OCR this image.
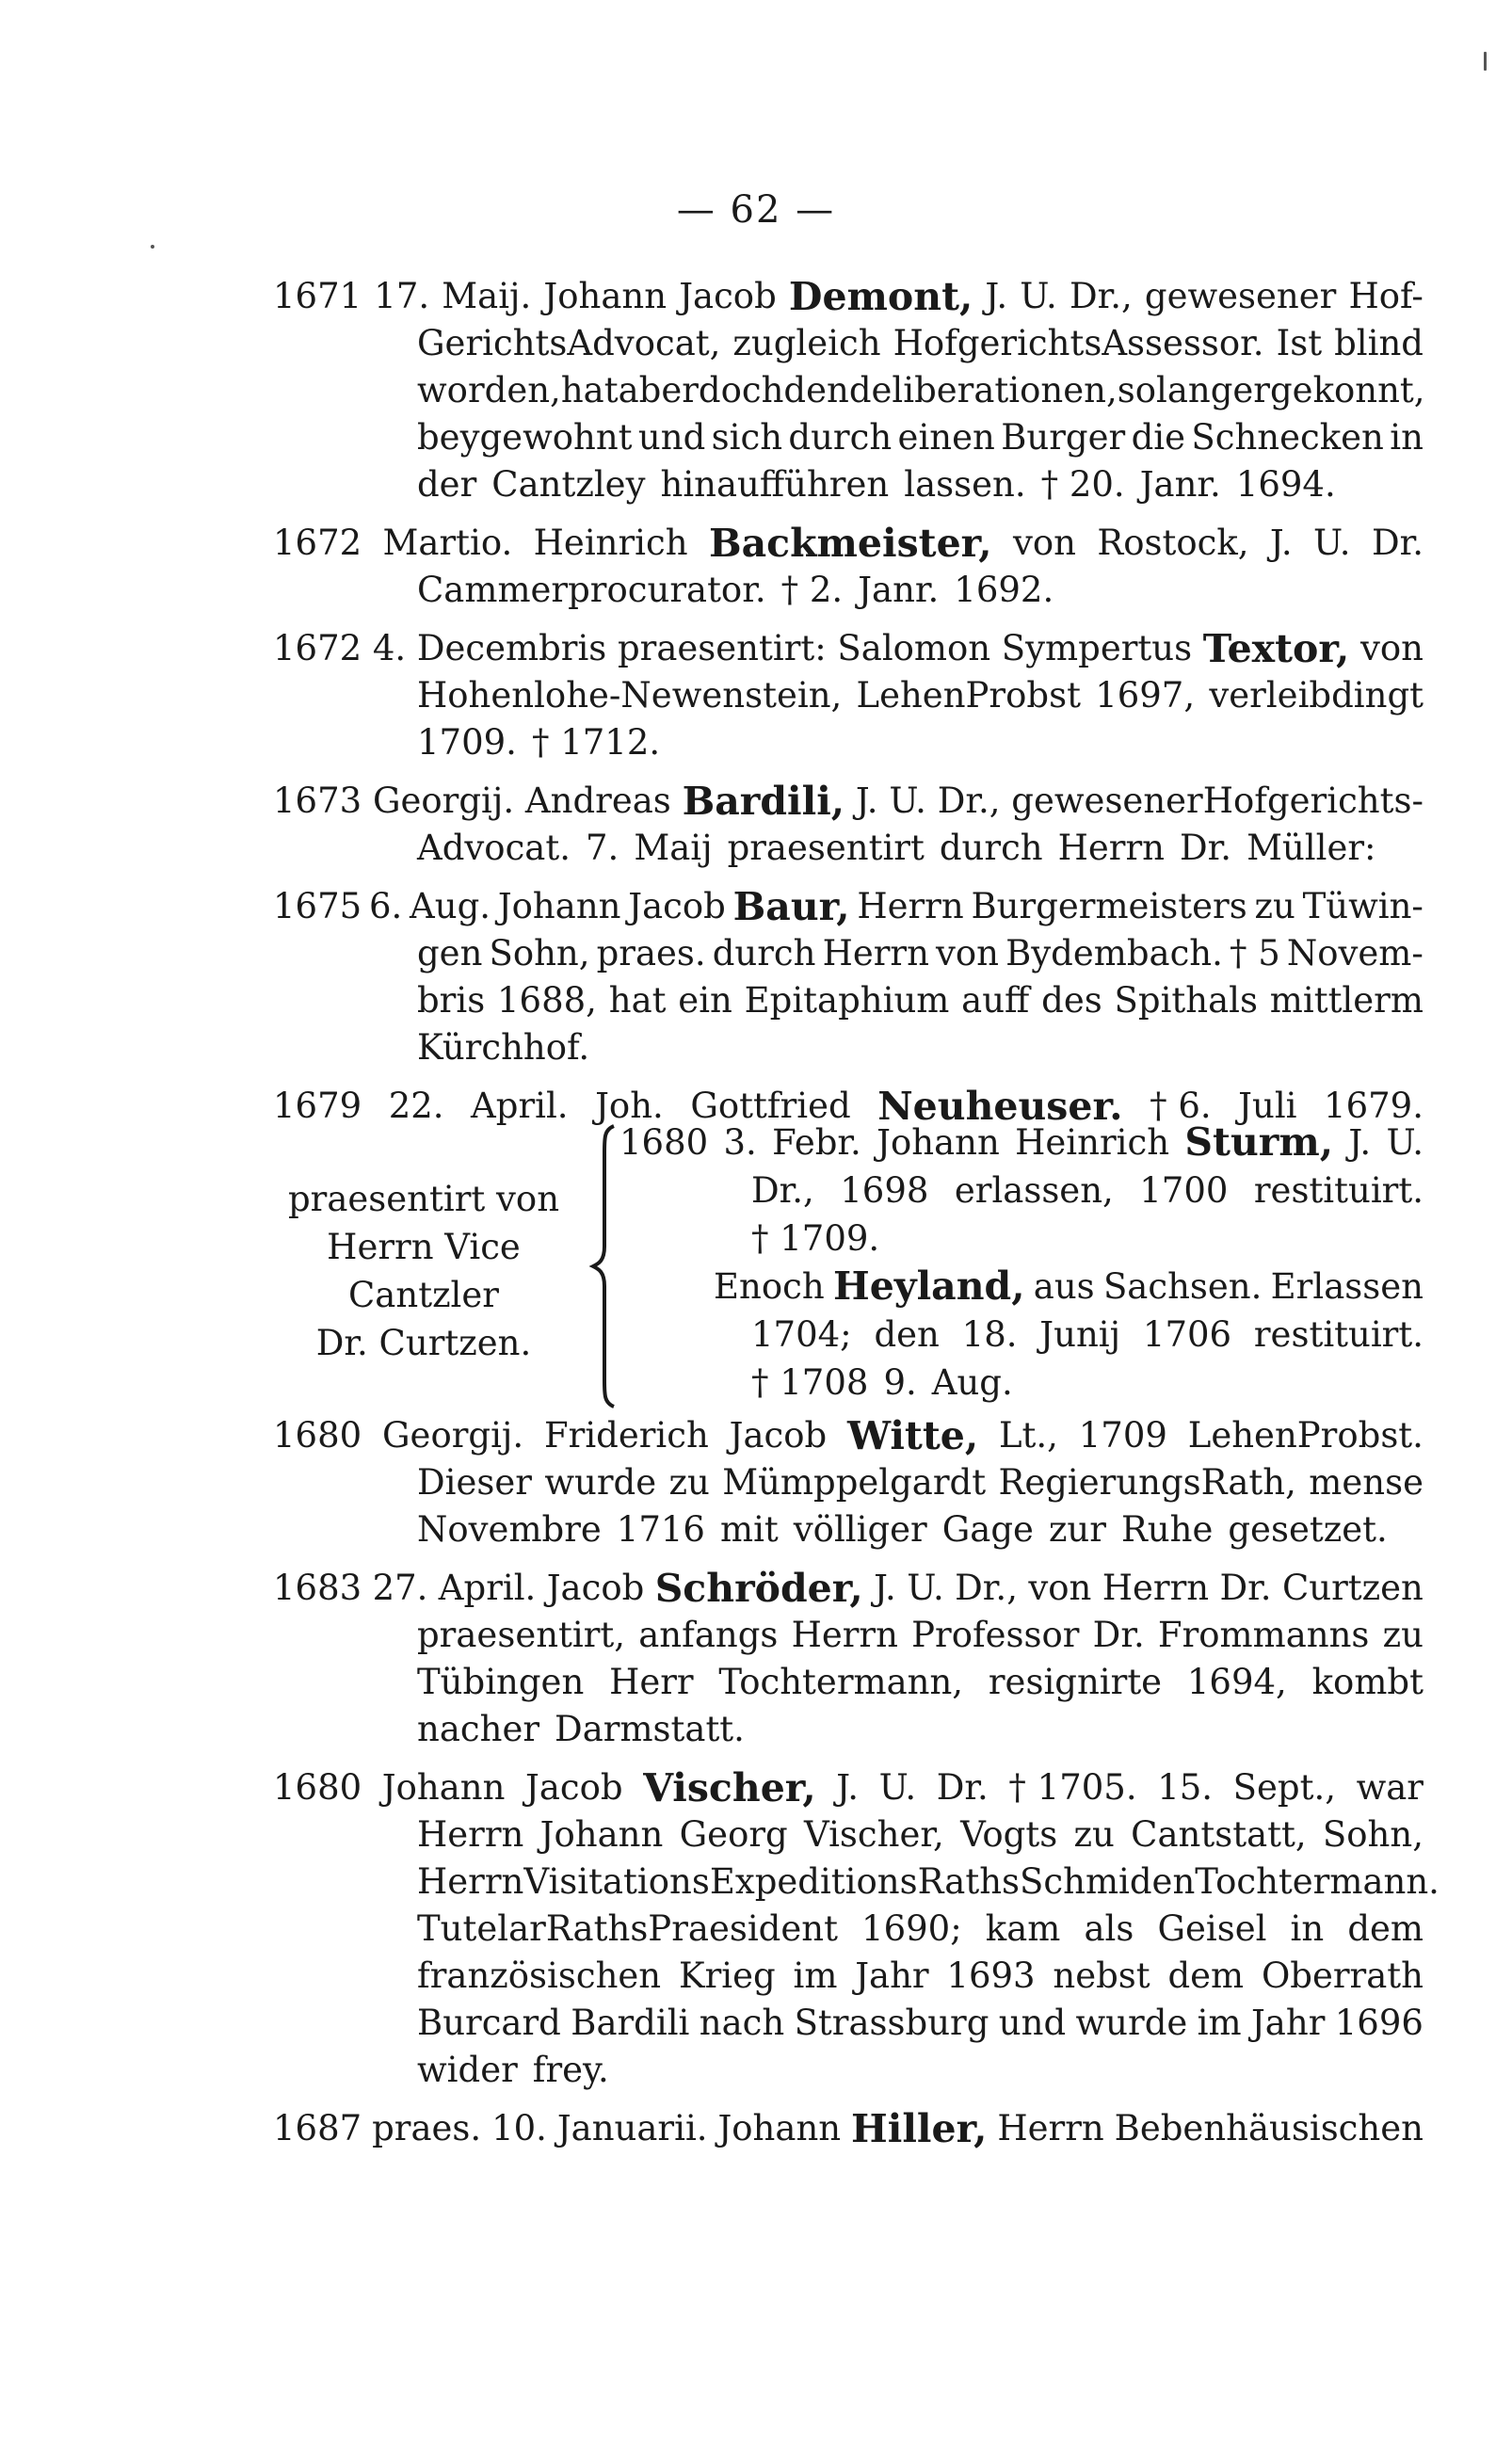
— 62 —
1671 17. Maij. Johann Jacob Demont, J. U. Dr., gewesener Hof-
GerichtsAdvocat, zugleich HofgerichtsAssessor. Ist blind
worden, hat aber doch den deliberationen, so lang er gekonnt,
beygewohnt und sich durch einen Burger die Schnecken in
der Cantzley hinaufführen lassen. † 20. Janr. 1694.
1672 Martio. Heinrich Backmeister, von Rostock, J. U. Dr.
Cammerprocurator. † 2. Janr. 1692.
1672 4. Decembris praesentirt: Salomon Sympertus Textor, von
Hohenlohe-Newenstein, LehenProbst 1697, verleibdingt
1709. † 1712.
1673 Georgij. Andreas Bardili, J. U. Dr., gewesenerHofgerichts-
Advocat. 7. Maij praesentirt durch Herrn Dr. Müller:
1675 6. Aug. Johann Jacob Baur, Herrn Burgermeisters zu Tüwin-
gen Sohn, praes. durch Herrn von Bydembach. † 5 Novem-
bris 1688, hat ein Epitaphium auff des Spithals mittlerm
Kürchhof.
1679 22. April. Joh. Gottfried Neuheuser. † 6. Juli 1679.
praesentirt von
Herrn Vice
Cantzler
Dr. Curtzen.
1680 3. Febr. Johann Heinrich Sturm, J. U.
Dr., 1698 erlassen, 1700 restituirt.
† 1709.
Enoch Heyland, aus Sachsen. Erlassen
1704; den 18. Junij 1706 restituirt.
† 1708 9. Aug.
1680 Georgij. Friderich Jacob Witte, Lt., 1709 LehenProbst.
Dieser wurde zu Mümppelgardt RegierungsRath, mense
Novembre 1716 mit völliger Gage zur Ruhe gesetzet.
1683 27. April. Jacob Schröder, J. U. Dr., von Herrn Dr. Curtzen
praesentirt, anfangs Herrn Professor Dr. Frommanns zu
Tübingen Herr Tochtermann, resignirte 1694, kombt
nacher Darmstatt.
1680 Johann Jacob Vischer, J. U. Dr. † 1705. 15. Sept., war
Herrn Johann Georg Vischer, Vogts zu Cantstatt, Sohn,
Herrn VisitationsExpeditionsRaths Schmiden Tochtermann.
TutelarRathsPraesident 1690; kam als Geisel in dem
französischen Krieg im Jahr 1693 nebst dem Oberrath
Burcard Bardili nach Strassburg und wurde im Jahr 1696
wider frey.
1687 praes. 10. Januarii. Johann Hiller, Herrn Bebenhäusischen
